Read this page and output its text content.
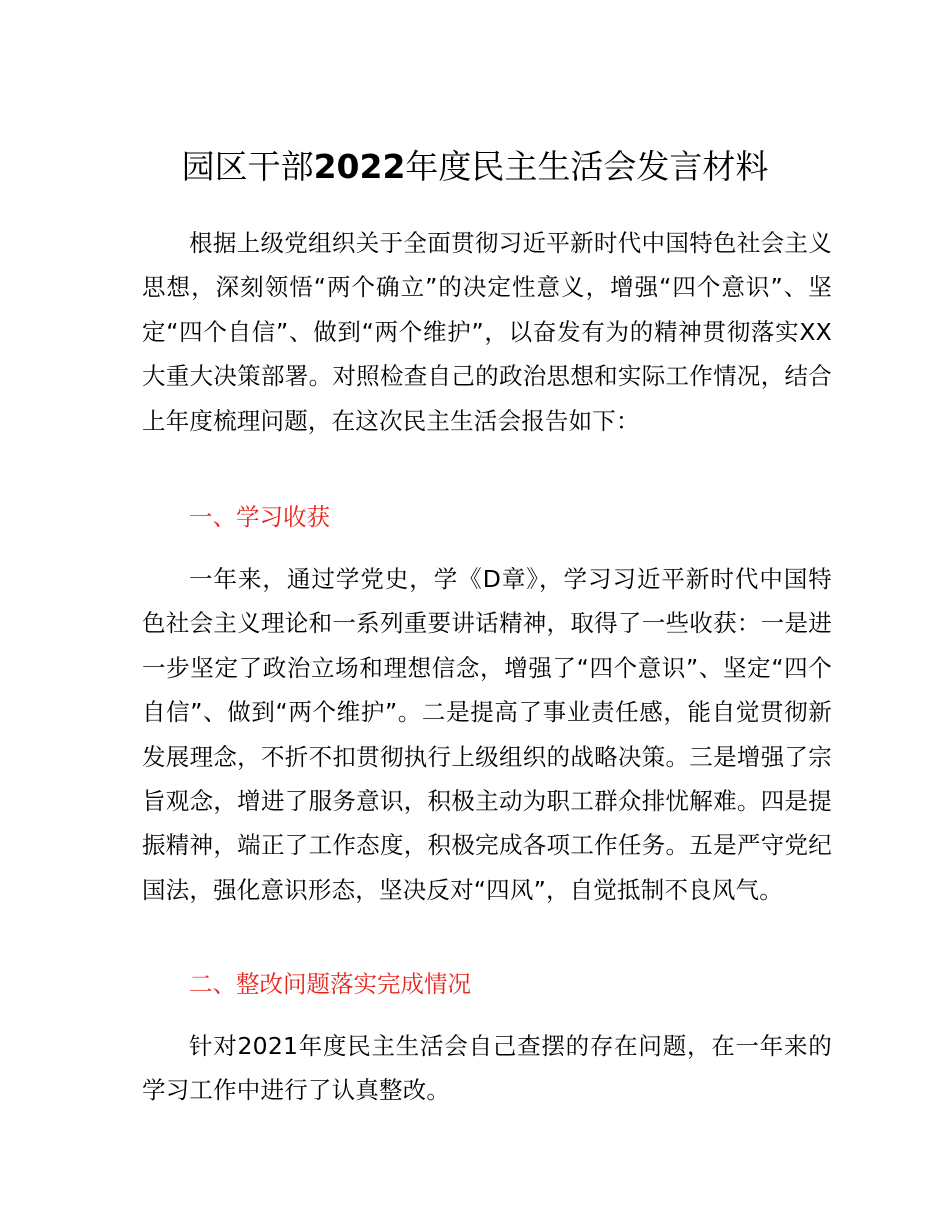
园区干部2022年度民主生活会发言材料

根据上级党组织关于全面贯彻习近平新时代中国特色社会主义思想，深刻领悟“两个确立”的决定性意义，增强“四个意识”、坚定“四个自信”、做到“两个维护”，以奋发有为的精神贯彻落实XX大重大决策部署。对照检查自己的政治思想和实际工作情况，结合上年度梳理问题，在这次民主生活会报告如下：

一、学习收获

一年来，通过学党史，学《D章》，学习习近平新时代中国特色社会主义理论和一系列重要讲话精神，取得了一些收获：一是进一步坚定了政治立场和理想信念，增强了“四个意识”、坚定“四个自信”、做到“两个维护”。二是提高了事业责任感，能自觉贯彻新发展理念，不折不扣贯彻执行上级组织的战略决策。三是增强了宗旨观念，增进了服务意识，积极主动为职工群众排忧解难。四是提振精神，端正了工作态度，积极完成各项工作任务。五是严守党纪国法，强化意识形态，坚决反对“四风”，自觉抵制不良风气。

二、整改问题落实完成情况

针对2021年度民主生活会自己查摆的存在问题，在一年来的学习工作中进行了认真整改。
